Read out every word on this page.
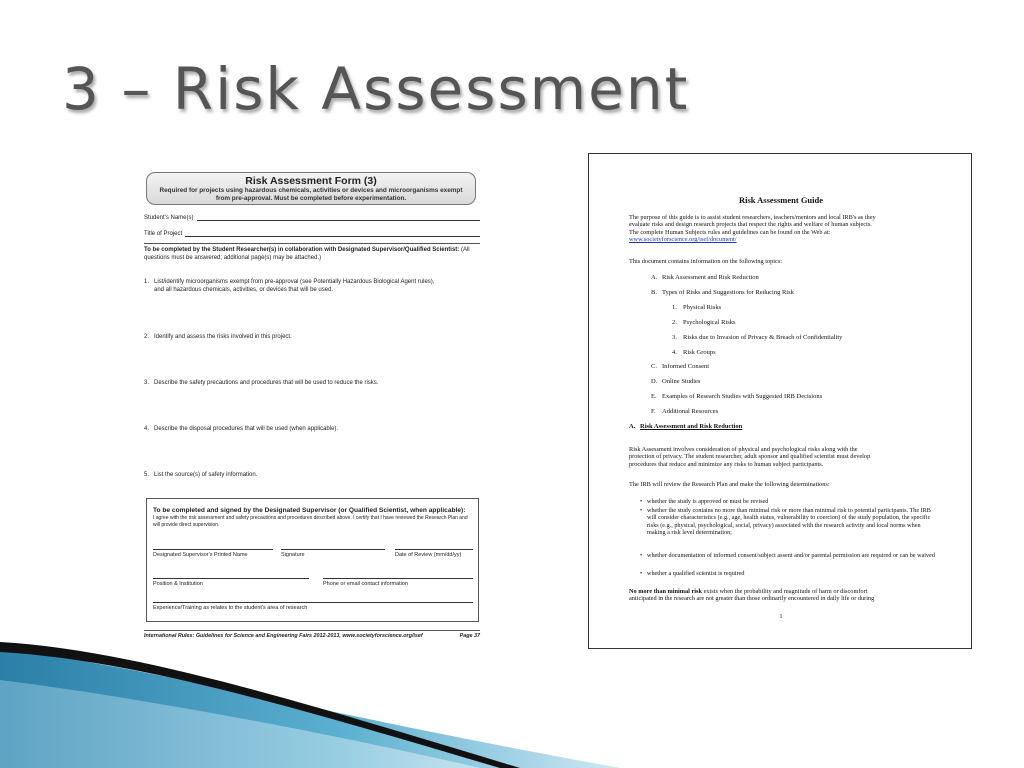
3 – Risk Assessment
Risk Assessment Form (3)
Required for projects using hazardous chemicals, activities or devices and microorganisms exempt
from pre-approval. Must be completed before experimentation.
Student's Name(s)
Title of Project
To be completed by the Student Researcher(s) in collaboration with Designated Supervisor/Qualified Scientist: (All questions must be answered; additional page(s) may be attached.)
1. List/identify microorganisms exempt from pre-approval (see Potentially Hazardous Biological Agent rules),
and all hazardous chemicals, activities, or devices that will be used.
2. Identify and assess the risks involved in this project.
3. Describe the safety precautions and procedures that will be used to reduce the risks.
4. Describe the disposal procedures that will be used (when applicable).
5. List the source(s) of safety information.
To be completed and signed by the Designated Supervisor (or Qualified Scientist, when applicable):
I agree with the risk assessment and safety precautions and procedures described above. I certify that I have reviewed the Research Plan and will provide direct supervision.
Designated Supervisor's Printed Name	Signature	Date of Review (mm/dd/yy)
Position & Institution	Phone or email contact information
Experience/Training as relates to the student's area of research
International Rules: Guidelines for Science and Engineering Fairs 2012-2013, www.societyforscience.org/isef	Page 37
Risk Assessment Guide
The purpose of this guide is to assist student researchers, teachers/mentors and local IRB's as they
evaluate risks and design research projects that respect the rights and welfare of human subjects.
The complete Human Subjects rules and guidelines can be found on the Web at:
www.societyforscience.org/isef/document/
This document contains information on the following topics:
A. Risk Assessment and Risk Reduction
B. Types of Risks and Suggestions for Reducing Risk
1. Physical Risks
2. Psychological Risks
3. Risks due to Invasion of Privacy & Breach of Confidentiality
4. Risk Groups
C. Informed Consent
D. Online Studies
E. Examples of Research Studies with Suggested IRB Decisions
F. Additional Resources
A. Risk Assessment and Risk Reduction
Risk Assessment involves consideration of physical and psychological risks along with the
protection of privacy. The student researcher, adult sponsor and qualified scientist must develop
procedures that reduce and minimize any risks to human subject participants.
The IRB will review the Research Plan and make the following determinations:
• whether the study is approved or must be revised
• whether the study contains no more than minimal risk or more than minimal risk to potential participants. The IRB will consider characteristics (e.g., age, health status, vulnerability to coercion) of the study population, the specific risks (e.g., physical, psychological, social, privacy) associated with the research activity and local norms when making a risk level determination;
• whether documentation of informed consent/subject assent and/or parental permission are required or can be waived
• whether a qualified scientist is required
No more than minimal risk exists when the probability and magnitude of harm or discomfort
anticipated in the research are not greater than those ordinarily encountered in daily life or during
1
